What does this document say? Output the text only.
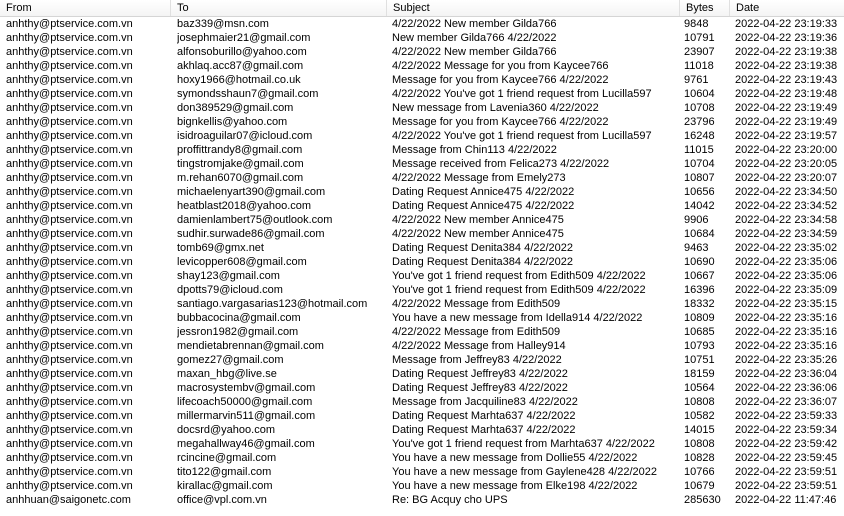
From	To	Subject	Bytes	Date
anhthy@ptservice.com.vn	baz339@msn.com	4/22/2022 New member Gilda766	9848	2022-04-22 23:19:33
anhthy@ptservice.com.vn	josephmaier21@gmail.com	New member Gilda766 4/22/2022	10791	2022-04-22 23:19:36
anhthy@ptservice.com.vn	alfonsoburillo@yahoo.com	4/22/2022 New member Gilda766	23907	2022-04-22 23:19:38
anhthy@ptservice.com.vn	akhlaq.acc87@gmail.com	4/22/2022 Message for you from Kaycee766	11018	2022-04-22 23:19:38
anhthy@ptservice.com.vn	hoxy1966@hotmail.co.uk	Message for you from Kaycee766 4/22/2022	9761	2022-04-22 23:19:43
anhthy@ptservice.com.vn	symondsshaun7@gmail.com	4/22/2022 You've got 1 friend request from Lucilla597	10604	2022-04-22 23:19:48
anhthy@ptservice.com.vn	don389529@gmail.com	New message from Lavenia360 4/22/2022	10708	2022-04-22 23:19:49
anhthy@ptservice.com.vn	bignkellis@yahoo.com	Message for you from Kaycee766 4/22/2022	23796	2022-04-22 23:19:49
anhthy@ptservice.com.vn	isidroaguilar07@icloud.com	4/22/2022 You've got 1 friend request from Lucilla597	16248	2022-04-22 23:19:57
anhthy@ptservice.com.vn	proffittrandy8@gmail.com	Message from Chin113 4/22/2022	11015	2022-04-22 23:20:00
anhthy@ptservice.com.vn	tingstromjake@gmail.com	Message received from Felica273 4/22/2022	10704	2022-04-22 23:20:05
anhthy@ptservice.com.vn	m.rehan6070@gmail.com	4/22/2022 Message from Emely273	10807	2022-04-22 23:20:07
anhthy@ptservice.com.vn	michaelenyart390@gmail.com	Dating Request Annice475 4/22/2022	10656	2022-04-22 23:34:50
anhthy@ptservice.com.vn	heatblast2018@yahoo.com	Dating Request Annice475 4/22/2022	14042	2022-04-22 23:34:52
anhthy@ptservice.com.vn	damienlambert75@outlook.com	4/22/2022 New member Annice475	9906	2022-04-22 23:34:58
anhthy@ptservice.com.vn	sudhir.surwade86@gmail.com	4/22/2022 New member Annice475	10684	2022-04-22 23:34:59
anhthy@ptservice.com.vn	tomb69@gmx.net	Dating Request Denita384 4/22/2022	9463	2022-04-22 23:35:02
anhthy@ptservice.com.vn	levicopper608@gmail.com	Dating Request Denita384 4/22/2022	10690	2022-04-22 23:35:06
anhthy@ptservice.com.vn	shay123@gmail.com	You've got 1 friend request from Edith509 4/22/2022	10667	2022-04-22 23:35:06
anhthy@ptservice.com.vn	dpotts79@icloud.com	You've got 1 friend request from Edith509 4/22/2022	16396	2022-04-22 23:35:09
anhthy@ptservice.com.vn	santiago.vargasarias123@hotmail.com	4/22/2022 Message from Edith509	18332	2022-04-22 23:35:15
anhthy@ptservice.com.vn	bubbacocina@gmail.com	You have a new message from Idella914 4/22/2022	10809	2022-04-22 23:35:16
anhthy@ptservice.com.vn	jessron1982@gmail.com	4/22/2022 Message from Edith509	10685	2022-04-22 23:35:16
anhthy@ptservice.com.vn	mendietabrennan@gmail.com	4/22/2022 Message from Halley914	10793	2022-04-22 23:35:16
anhthy@ptservice.com.vn	gomez27@gmail.com	Message from Jeffrey83 4/22/2022	10751	2022-04-22 23:35:26
anhthy@ptservice.com.vn	maxan_hbg@live.se	Dating Request Jeffrey83 4/22/2022	18159	2022-04-22 23:36:04
anhthy@ptservice.com.vn	macrosystembv@gmail.com	Dating Request Jeffrey83 4/22/2022	10564	2022-04-22 23:36:06
anhthy@ptservice.com.vn	lifecoach50000@gmail.com	Message from Jacquiline83 4/22/2022	10808	2022-04-22 23:36:07
anhthy@ptservice.com.vn	millermarvin511@gmail.com	Dating Request Marhta637 4/22/2022	10582	2022-04-22 23:59:33
anhthy@ptservice.com.vn	docsrd@yahoo.com	Dating Request Marhta637 4/22/2022	14015	2022-04-22 23:59:34
anhthy@ptservice.com.vn	megahallway46@gmail.com	You've got 1 friend request from Marhta637 4/22/2022	10808	2022-04-22 23:59:42
anhthy@ptservice.com.vn	rcincine@gmail.com	You have a new message from Dollie55 4/22/2022	10828	2022-04-22 23:59:45
anhthy@ptservice.com.vn	tito122@gmail.com	You have a new message from Gaylene428 4/22/2022	10766	2022-04-22 23:59:51
anhthy@ptservice.com.vn	kirallac@gmail.com	You have a new message from Elke198 4/22/2022	10679	2022-04-22 23:59:51
anhhuan@saigonetc.com	office@vpl.com.vn	Re: BG Acquy cho UPS	285630	2022-04-22 11:47:46
